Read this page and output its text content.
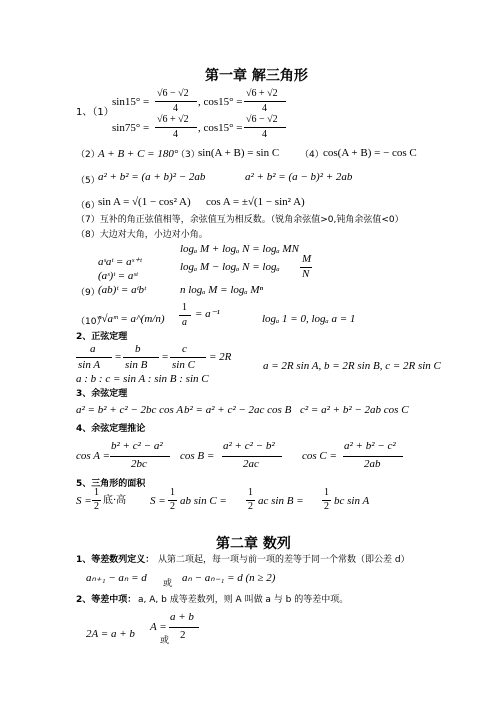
第一章 解三角形
1、（1）
sin15° =
√6 − √2
4
, cos15° =
√6 + √2
4
sin75° =
√6 + √2
4
, cos15° =
√6 − √2
4
（2）
A + B + C = 180°
（3）
sin(A + B) = sin C （4） cos(A + B) = − cos C
（5）
a² + b² = (a + b)² − 2ab	a² + b² = (a − b)² + 2ab
（6）
sin A = √(1 − cos² A) cos A = ±√(1 − sin² A)
（7）互补的角正弦值相等，余弦值互为相反数。（锐角余弦值>0,钝角余弦值<0）
（8）大边对大角，小边对小角。
logₐ M + logₐ N = logₐ MN
aˢaᵗ = aˢ⁺ᵗ	logₐ M − logₐ N = logₐ
M
N
(aˢ)ᵗ = aˢᵗ
（9）
(ab)ᵗ = aᵗbᵗ	n logₐ M = logₐ Mⁿ
（10）
ⁿ√aᵐ = a^(m/n)
1
a
= a⁻¹	logₐ 1 = 0, logₐ a = 1
2、正弦定理
a
sin A
=
b
sin B
=
c
sin C
= 2R
a = 2R sin A, b = 2R sin B, c = 2R sin C
a : b : c = sin A : sin B : sin C
3、余弦定理
a² = b² + c² − 2bc cos A b² = a² + c² − 2ac cos B c² = a² + b² − 2ab cos C
4、余弦定理推论
cos A =
b² + c² − a²
2bc
cos B =
a² + c² − b²
2ac
cos C =
a² + b² − c²
2ab
5、三角形的面积
S =
1
2
底·高 S =
1
2 ab sin C =
1
2 ac sin B =
1
2 bc sin A
第二章 数列
1、等差数列定义： 从第二项起，每一项与前一项的差等于同一个常数（即公差 d）
aₙ₊₁ − aₙ = d 或 aₙ − aₙ₋₁ = d (n ≥ 2)
2、等差中项： a, A, b 成等差数列，则 A 叫做 a 与 b 的等差中项。
2A = a + b
或
A =
a + b
2
